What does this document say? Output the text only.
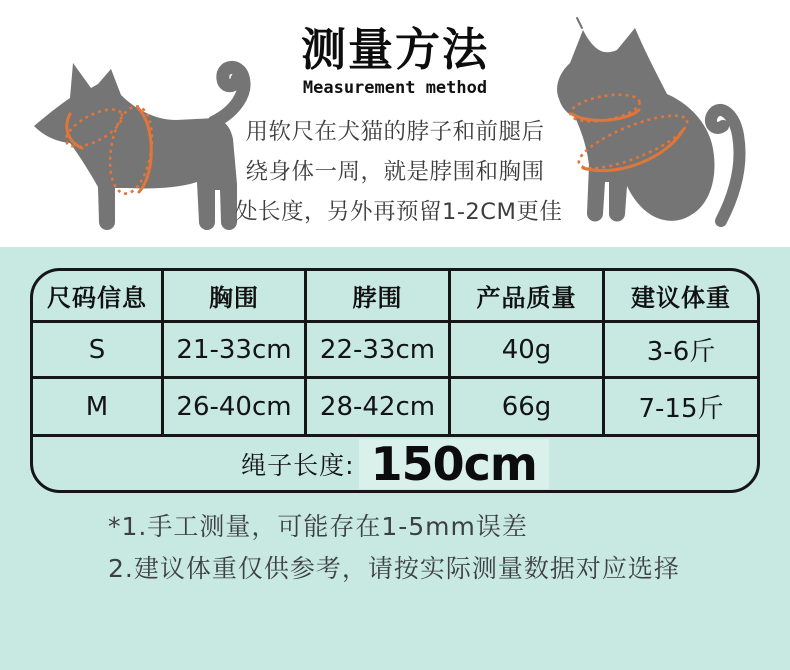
测量方法
Measurement method
用软尺在犬猫的脖子和前腿后
绕身体一周，就是脖围和胸围
处长度，另外再预留1-2CM更佳
尺码信息	胸围	脖围	产品质量	建议体重
S	21-33cm	22-33cm	40g	3-6斤
M	26-40cm	28-42cm	66g	7-15斤
绳子长度: 150cm
*1.手工测量，可能存在1-5mm误差
2.建议体重仅供参考，请按实际测量数据对应选择
